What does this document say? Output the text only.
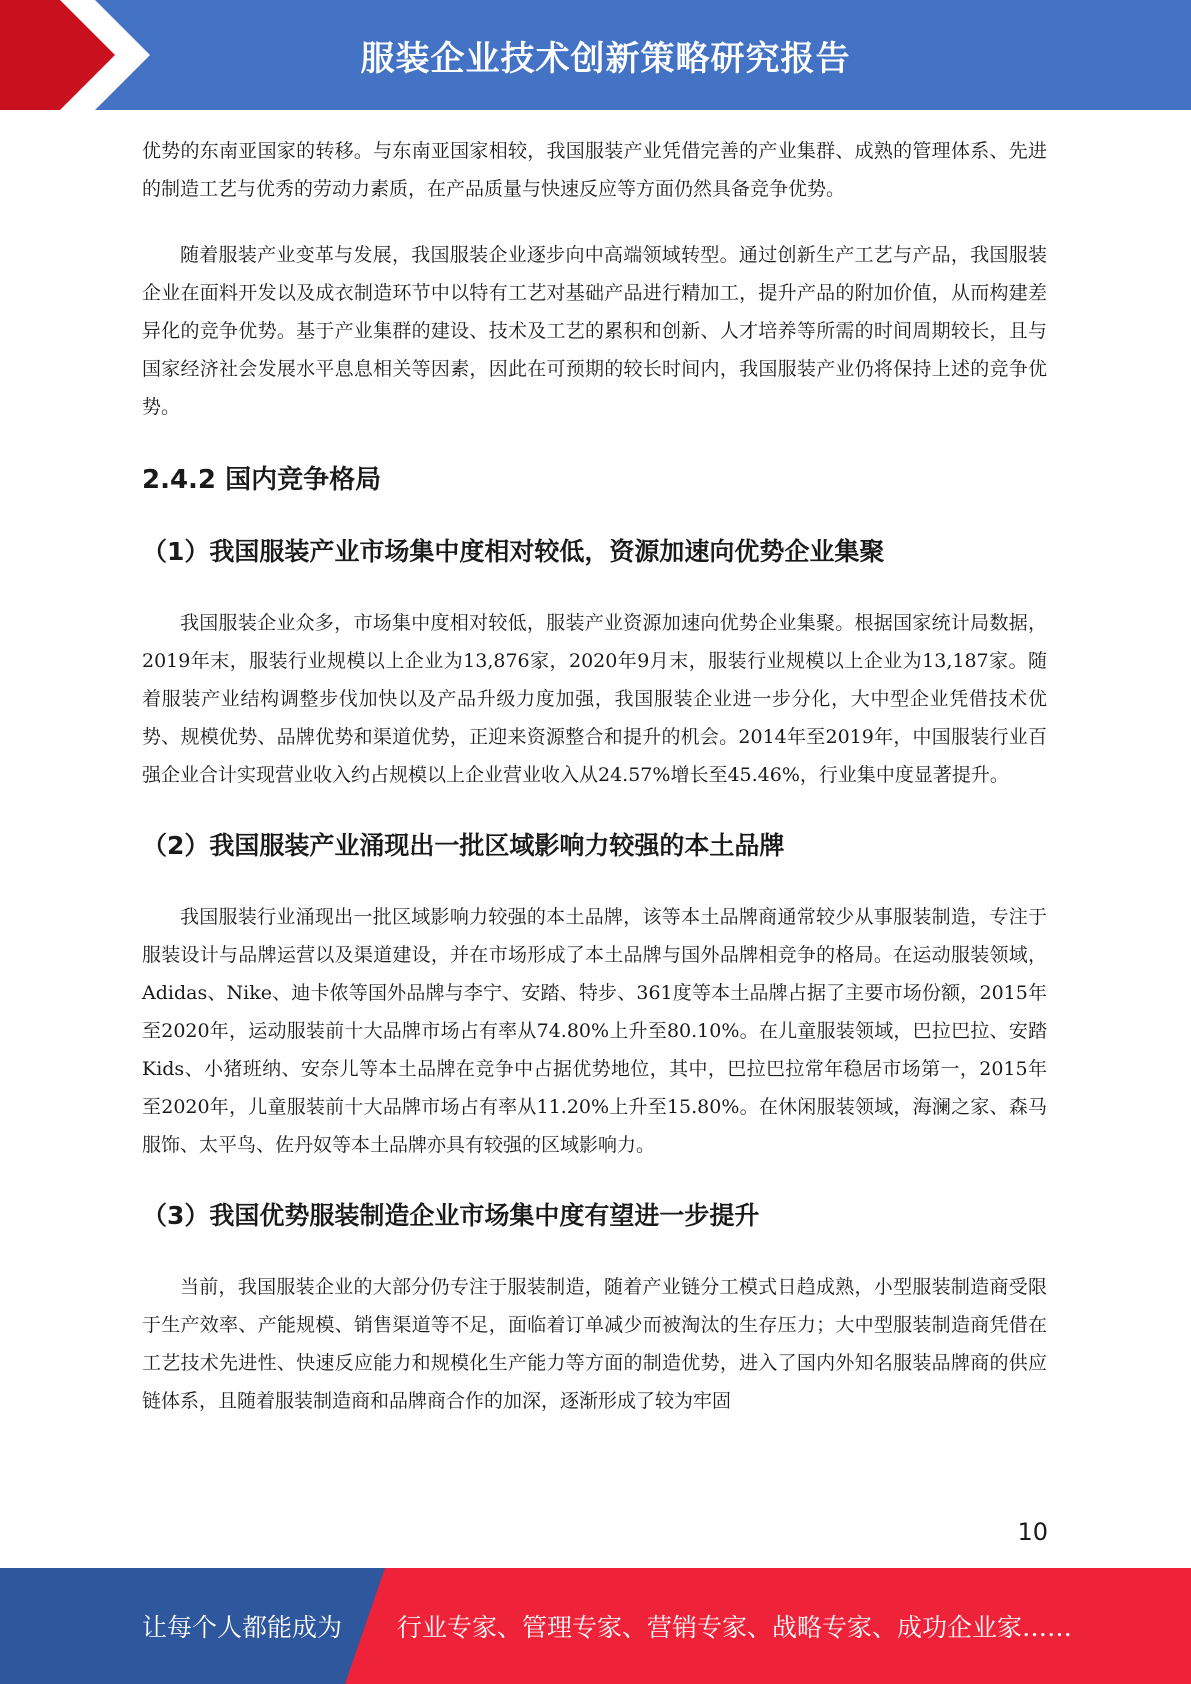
服装企业技术创新策略研究报告

优势的东南亚国家的转移。与东南亚国家相较，我国服装产业凭借完善的产业集群、成熟的管理体系、先进的制造工艺与优秀的劳动力素质，在产品质量与快速反应等方面仍然具备竞争优势。

随着服装产业变革与发展，我国服装企业逐步向中高端领域转型。通过创新生产工艺与产品，我国服装企业在面料开发以及成衣制造环节中以特有工艺对基础产品进行精加工，提升产品的附加价值，从而构建差异化的竞争优势。基于产业集群的建设、技术及工艺的累积和创新、人才培养等所需的时间周期较长，且与国家经济社会发展水平息息相关等因素，因此在可预期的较长时间内，我国服装产业仍将保持上述的竞争优势。

2.4.2 国内竞争格局
（1）我国服装产业市场集中度相对较低，资源加速向优势企业集聚

我国服装企业众多，市场集中度相对较低，服装产业资源加速向优势企业集聚。根据国家统计局数据，2019年末，服装行业规模以上企业为13,876家，2020年9月末，服装行业规模以上企业为13,187家。随着服装产业结构调整步伐加快以及产品升级力度加强，我国服装企业进一步分化，大中型企业凭借技术优势、规模优势、品牌优势和渠道优势，正迎来资源整合和提升的机会。2014年至2019年，中国服装行业百强企业合计实现营业收入约占规模以上企业营业收入从24.57%增长至45.46%，行业集中度显著提升。

（2）我国服装产业涌现出一批区域影响力较强的本土品牌

我国服装行业涌现出一批区域影响力较强的本土品牌，该等本土品牌商通常较少从事服装制造，专注于服装设计与品牌运营以及渠道建设，并在市场形成了本土品牌与国外品牌相竞争的格局。在运动服装领域，Adidas、Nike、迪卡侬等国外品牌与李宁、安踏、特步、361度等本土品牌占据了主要市场份额，2015年至2020年，运动服装前十大品牌市场占有率从74.80%上升至80.10%。在儿童服装领域，巴拉巴拉、安踏Kids、小猪班纳、安奈儿等本土品牌在竞争中占据优势地位，其中，巴拉巴拉常年稳居市场第一，2015年至2020年，儿童服装前十大品牌市场占有率从11.20%上升至15.80%。在休闲服装领域，海澜之家、森马服饰、太平鸟、佐丹奴等本土品牌亦具有较强的区域影响力。

（3）我国优势服装制造企业市场集中度有望进一步提升

当前，我国服装企业的大部分仍专注于服装制造，随着产业链分工模式日趋成熟，小型服装制造商受限于生产效率、产能规模、销售渠道等不足，面临着订单减少而被淘汰的生存压力；大中型服装制造商凭借在工艺技术先进性、快速反应能力和规模化生产能力等方面的制造优势，进入了国内外知名服装品牌商的供应链体系，且随着服装制造商和品牌商合作的加深，逐渐形成了较为牢固

10
让每个人都能成为 行业专家、管理专家、营销专家、战略专家、成功企业家……
